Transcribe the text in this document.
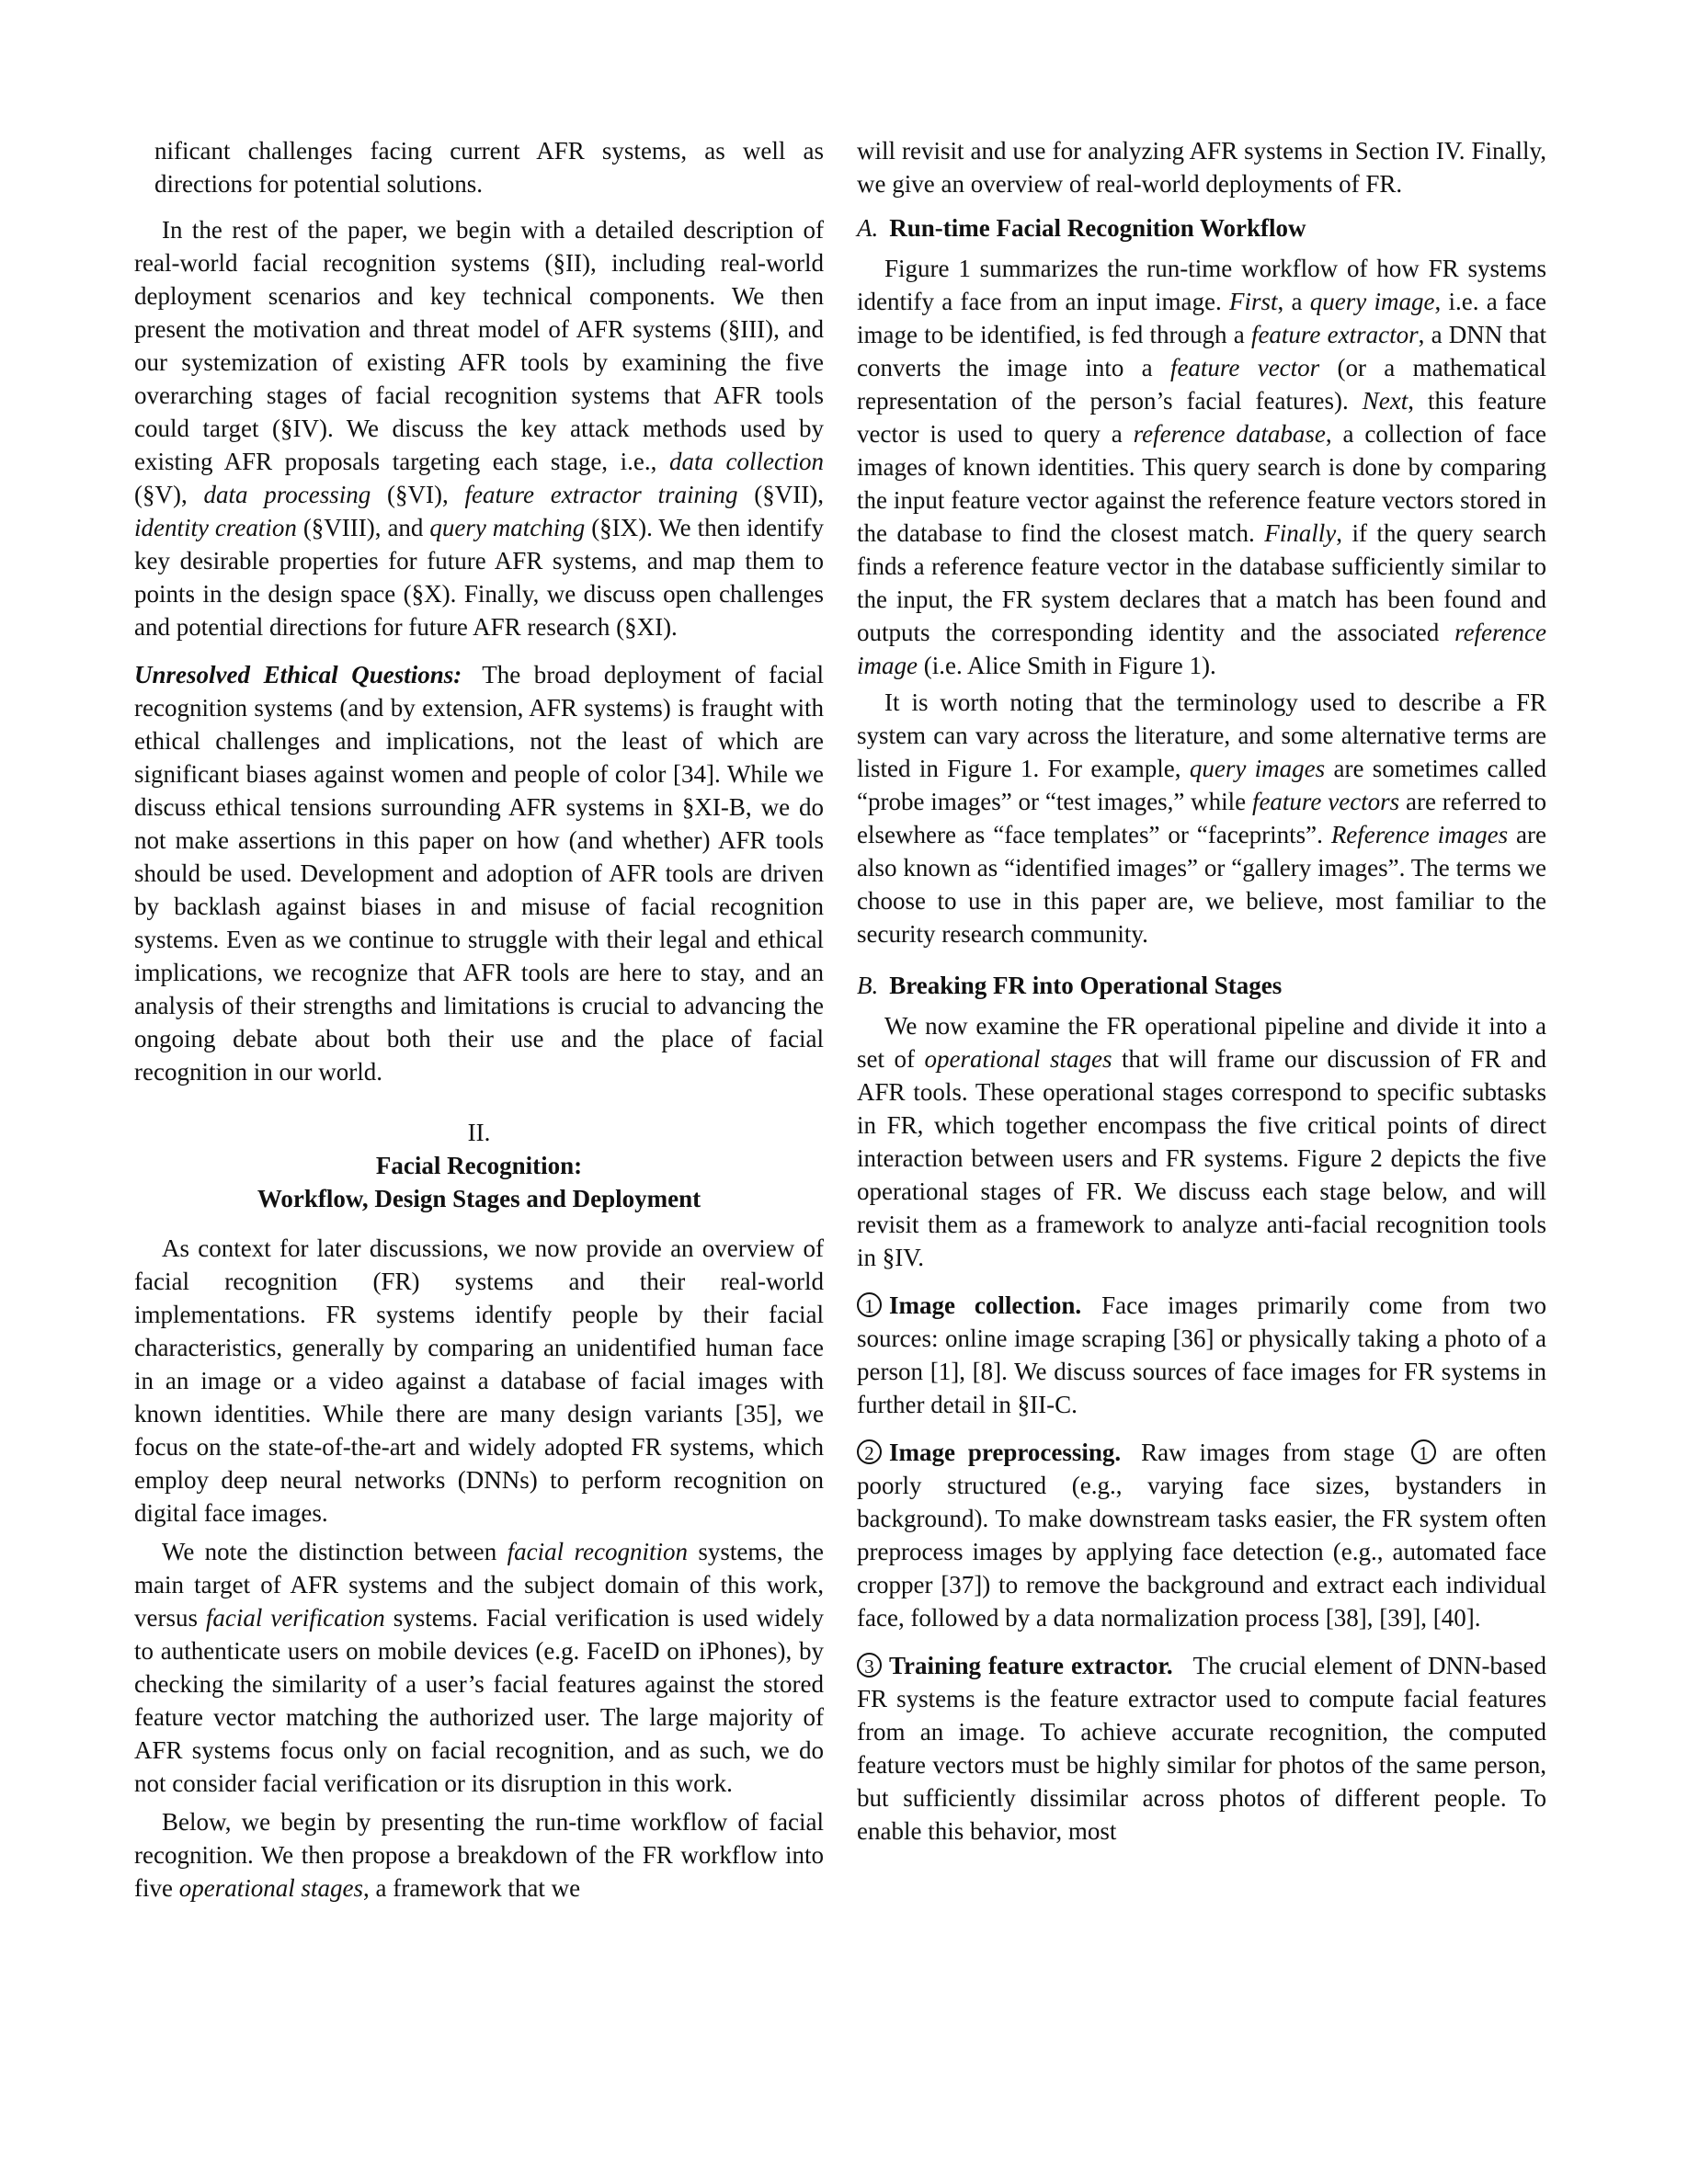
nificant challenges facing current AFR systems, as well as directions for potential solutions.

In the rest of the paper, we begin with a detailed description of real-world facial recognition systems (§II), including real-world deployment scenarios and key technical components. We then present the motivation and threat model of AFR systems (§III), and our systemization of existing AFR tools by examining the five overarching stages of facial recognition systems that AFR tools could target (§IV). We discuss the key attack methods used by existing AFR proposals targeting each stage, i.e., data collection (§V), data processing (§VI), feature extractor training (§VII), identity creation (§VIII), and query matching (§IX). We then identify key desirable properties for future AFR systems, and map them to points in the design space (§X). Finally, we discuss open challenges and potential directions for future AFR research (§XI).

Unresolved Ethical Questions: The broad deployment of facial recognition systems (and by extension, AFR systems) is fraught with ethical challenges and implications, not the least of which are significant biases against women and people of color [34]. While we discuss ethical tensions surrounding AFR systems in §XI-B, we do not make assertions in this paper on how (and whether) AFR tools should be used. Development and adoption of AFR tools are driven by backlash against biases in and misuse of facial recognition systems. Even as we continue to struggle with their legal and ethical implications, we recognize that AFR tools are here to stay, and an analysis of their strengths and limitations is crucial to advancing the ongoing debate about both their use and the place of facial recognition in our world.

II.
Facial Recognition:
Workflow, Design Stages and Deployment

As context for later discussions, we now provide an overview of facial recognition (FR) systems and their real-world implementations. FR systems identify people by their facial characteristics, generally by comparing an unidentified human face in an image or a video against a database of facial images with known identities. While there are many design variants [35], we focus on the state-of-the-art and widely adopted FR systems, which employ deep neural networks (DNNs) to perform recognition on digital face images.

We note the distinction between facial recognition systems, the main target of AFR systems and the subject domain of this work, versus facial verification systems. Facial verification is used widely to authenticate users on mobile devices (e.g. FaceID on iPhones), by checking the similarity of a user’s facial features against the stored feature vector matching the authorized user. The large majority of AFR systems focus only on facial recognition, and as such, we do not consider facial verification or its disruption in this work.

Below, we begin by presenting the run-time workflow of facial recognition. We then propose a breakdown of the FR workflow into five operational stages, a framework that we

will revisit and use for analyzing AFR systems in Section IV. Finally, we give an overview of real-world deployments of FR.

A. Run-time Facial Recognition Workflow

Figure 1 summarizes the run-time workflow of how FR systems identify a face from an input image. First, a query image, i.e. a face image to be identified, is fed through a feature extractor, a DNN that converts the image into a feature vector (or a mathematical representation of the person’s facial features). Next, this feature vector is used to query a reference database, a collection of face images of known identities. This query search is done by comparing the input feature vector against the reference feature vectors stored in the database to find the closest match. Finally, if the query search finds a reference feature vector in the database sufficiently similar to the input, the FR system declares that a match has been found and outputs the corresponding identity and the associated reference image (i.e. Alice Smith in Figure 1).

It is worth noting that the terminology used to describe a FR system can vary across the literature, and some alternative terms are listed in Figure 1. For example, query images are sometimes called “probe images” or “test images,” while feature vectors are referred to elsewhere as “face templates” or “faceprints”. Reference images are also known as “identified images” or “gallery images”. The terms we choose to use in this paper are, we believe, most familiar to the security research community.

B. Breaking FR into Operational Stages

We now examine the FR operational pipeline and divide it into a set of operational stages that will frame our discussion of FR and AFR tools. These operational stages correspond to specific subtasks in FR, which together encompass the five critical points of direct interaction between users and FR systems. Figure 2 depicts the five operational stages of FR. We discuss each stage below, and will revisit them as a framework to analyze anti-facial recognition tools in §IV.

1 Image collection. Face images primarily come from two sources: online image scraping [36] or physically taking a photo of a person [1], [8]. We discuss sources of face images for FR systems in further detail in §II-C.

2 Image preprocessing. Raw images from stage 1 are often poorly structured (e.g., varying face sizes, bystanders in background). To make downstream tasks easier, the FR system often preprocess images by applying face detection (e.g., automated face cropper [37]) to remove the background and extract each individual face, followed by a data normalization process [38], [39], [40].

3 Training feature extractor. The crucial element of DNN-based FR systems is the feature extractor used to compute facial features from an image. To achieve accurate recognition, the computed feature vectors must be highly similar for photos of the same person, but sufficiently dissimilar across photos of different people. To enable this behavior, most
